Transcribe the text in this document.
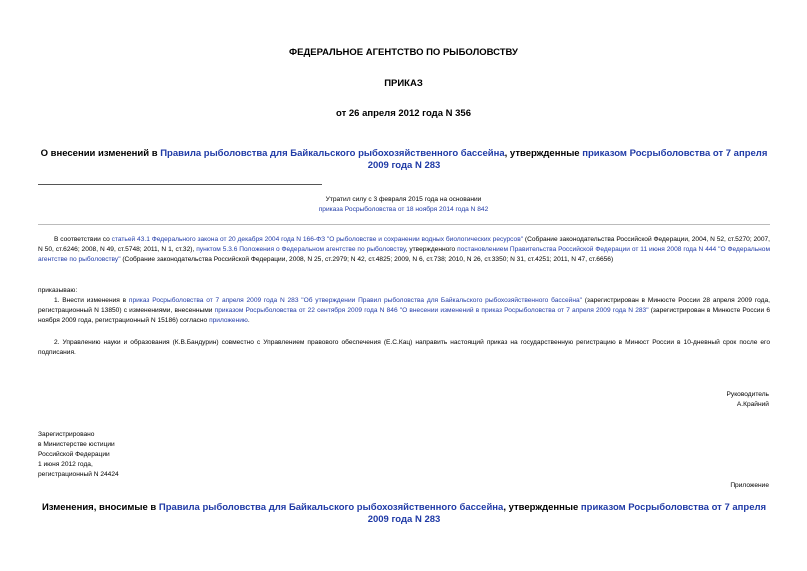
ФЕДЕРАЛЬНОЕ АГЕНТСТВО ПО РЫБОЛОВСТВУ
ПРИКАЗ
от 26 апреля 2012 года N 356
О внесении изменений в Правила рыболовства для Байкальского рыбохозяйственного бассейна, утвержденные приказом Росрыболовства от 7 апреля 2009 года N 283
Утратил силу с 3 февраля 2015 года на основании
приказа Росрыболовства от 18 ноября 2014 года N 842
В соответствии со статьей 43.1 Федерального закона от 20 декабря 2004 года N 166-ФЗ "О рыболовстве и сохранении водных биологических ресурсов" (Собрание законодательства Российской Федерации, 2004, N 52, ст.5270; 2007, N 50, ст.6246; 2008, N 49, ст.5748; 2011, N 1, ст.32), пунктом 5.3.6 Положения о Федеральном агентстве по рыболовству, утвержденного постановлением Правительства Российской Федерации от 11 июня 2008 года N 444 "О Федеральном агентстве по рыболовству" (Собрание законодательства Российской Федерации, 2008, N 25, ст.2979; N 42, ст.4825; 2009, N 6, ст.738; 2010, N 26, ст.3350; N 31, ст.4251; 2011, N 47, ст.6656)
приказываю:
1. Внести изменения в приказ Росрыболовства от 7 апреля 2009 года N 283 "Об утверждении Правил рыболовства для Байкальского рыбохозяйственного бассейна" (зарегистрирован в Минюсте России 28 апреля 2009 года, регистрационный N 13850) с изменениями, внесенными приказом Росрыболовства от 22 сентября 2009 года N 846 "О внесении изменений в приказ Росрыболовства от 7 апреля 2009 года N 283" (зарегистрирован в Минюсте России 6 ноября 2009 года, регистрационный N 15186) согласно приложению.
2. Управлению науки и образования (К.В.Бандурин) совместно с Управлением правового обеспечения (Е.С.Кац) направить настоящий приказ на государственную регистрацию в Минюст России в 10-дневный срок после его подписания.
Руководитель
А.Крайний
Зарегистрировано
в Министерстве юстиции
Российской Федерации
1 июня 2012 года,
регистрационный N 24424
Приложение
Изменения, вносимые в Правила рыболовства для Байкальского рыбохозяйственного бассейна, утвержденные приказом Росрыболовства от 7 апреля 2009 года N 283
